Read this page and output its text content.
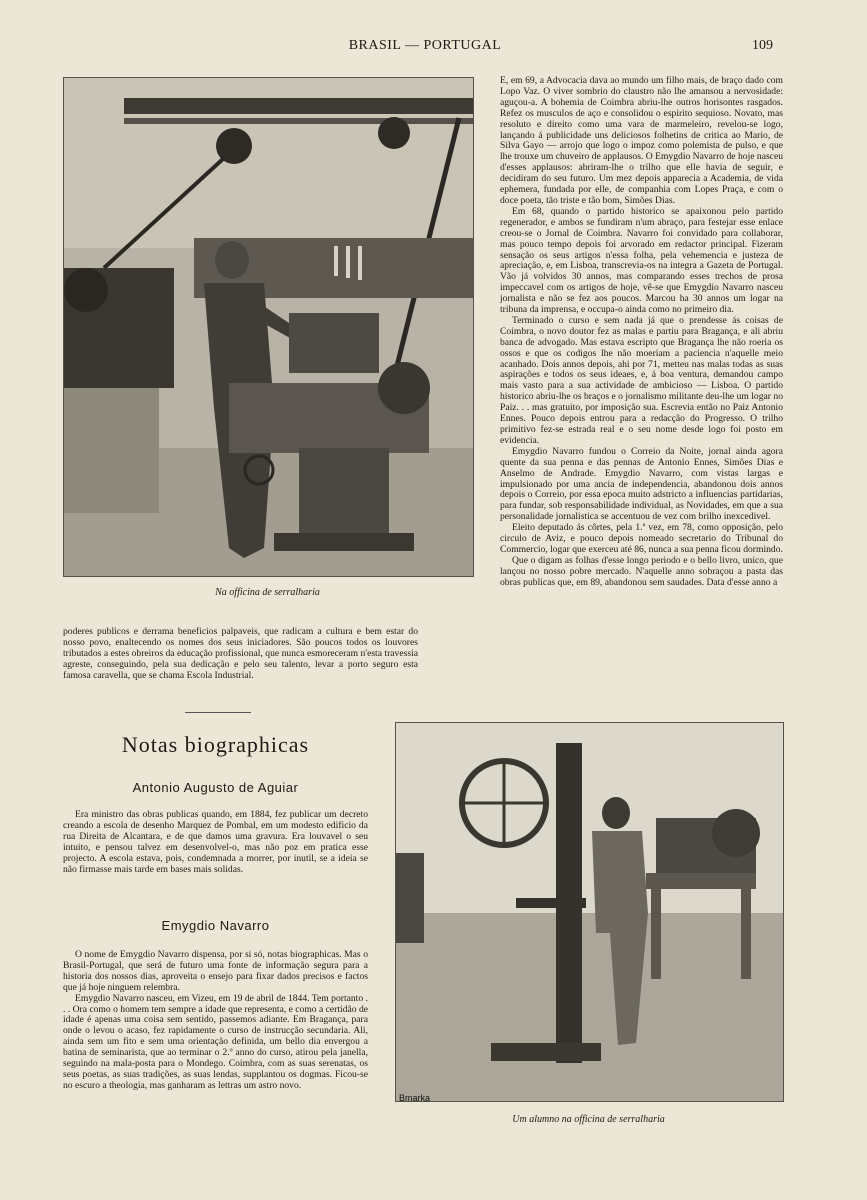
BRASIL — PORTUGAL	109
Na officina de serralharia

E, em 69, a Advocacia dava ao mundo um filho mais, de braço dado com Lopo Vaz. O viver sombrio do claustro não lhe amansou a nervosidade: aguçou-a. A bohemia de Coimbra abriu-lhe outros horisontes rasgados. Refez os musculos de aço e consolidou o espirito sequioso. Novato, mas resoluto e direito como uma vara de marmeleiro, revelou-se logo, lançando á publicidade uns deliciosos folhetins de critica ao Mario, de Silva Gayo — arrojo que logo o impoz como polemista de pulso, e que lhe trouxe um chuveiro de applausos. O Emygdio Navarro de hoje nasceu d'esses applausos: abriram-lhe o trilho que elle havia de seguir, e decidiram do seu futuro. Um mez depois apparecia a Academia, de vida ephemera, fundada por elle, de companhia com Lopes Praça, e com o doce poeta, tão triste e tão bom, Simões Dias.

Em 68, quando o partido historico se apaixonou pelo partido regenerador, e ambos se fundiram n'um abraço, para festejar esse enlace creou-se o Jornal de Coimbra. Navarro foi convidado para collaborar, mas pouco tempo depois foi arvorado em redactor principal. Fizeram sensação os seus artigos n'essa folha, pela vehemencia e justeza de apreciação, e, em Lisboa, transcrevia-os na integra a Gazeta de Portugal. Vão já volvidos 30 annos, mas comparando esses trechos de prosa impeccavel com os artigos de hoje, vê-se que Emygdio Navarro nasceu jornalista e não se fez aos poucos. Marcou ha 30 annos um logar na tribuna da imprensa, e occupa-o ainda como no primeiro dia.

Terminado o curso e sem nada já que o prendesse ás coisas de Coimbra, o novo doutor fez as malas e partiu para Bragança, e ali abriu banca de advogado. Mas estava escripto que Bragança lhe não roeria os ossos e que os codigos lhe não moeriam a paciencia n'aquelle meio acanhado. Dois annos depois, ahi por 71, metteu nas malas todas as suas aspirações e todos os seus ideaes, e, á boa ventura, demandou campo mais vasto para a sua actividade de ambicioso — Lisboa. O partido historico abriu-lhe os braços e o jornalismo militante deu-lhe um logar no Paiz. . . mas gratuito, por imposição sua. Escrevia então no Paiz Antonio Ennes. Pouco depois entrou para a redacção do Progresso. O trilho primitivo fez-se estrada real e o seu nome desde logo foi posto em evidencia.

Emygdio Navarro fundou o Correio da Noite, jornal ainda agora quente da sua penna e das pennas de Antonio Ennes, Simões Dias e Anselmo de Andrade. Emygdio Navarro, com vistas largas e impulsionado por uma ancia de independencia, abandonou dois annos depois o Correio, por essa epoca muito adstricto a influencias partidarias, para fundar, sob responsabilidade individual, as Novidades, em que a sua personalidade jornalistica se accentuou de vez com brilho inexcedivel.

Eleito deputado ás côrtes, pela 1.ª vez, em 78, como opposição, pelo circulo de Aviz, e pouco depois nomeado secretario do Tribunal do Commercio, logar que exerceu até 86, nunca a sua penna ficou dormindo.

Que o digam as folhas d'esse longo periodo e o bello livro, unico, que lançou no nosso pobre mercado. N'aquelle anno sobraçou a pasta das obras publicas que, em 89, abandonou sem saudades. Data d'esse anno a

poderes publicos e derrama beneficios palpaveis, que radicam a cultura e bem estar do nosso povo, enaltecendo os nomes dos seus iniciadores. São poucos todos os louvores tributados a estes obreiros da educação profissional, que nunca esmoreceram n'esta travessia agreste, conseguindo, pela sua dedicação e pelo seu talento, levar a porto seguro esta famosa caravella, que se chama Escola Industrial.

Notas biographicas
Antonio Augusto de Aguiar

Era ministro das obras publicas quando, em 1884, fez publicar um decreto creando a escola de desenho Marquez de Pombal, em um modesto edificio da rua Direita de Alcantara, e de que damos uma gravura. Era louvavel o seu intuito, e pensou talvez em desenvolvel-o, mas não poz em pratica esse projecto. A escola estava, pois, condemnada a morrer, por inutil, se a ideia se não firmasse mais tarde em bases mais solidas.

Emygdio Navarro

O nome de Emygdio Navarro dispensa, por si só, notas biographicas. Mas o Brasil-Portugal, que será de futuro uma fonte de informação segura para a historia dos nossos dias, aproveita o ensejo para fixar dados precisos e factos que já hoje ninguem relembra.

Emygdio Navarro nasceu, em Vizeu, em 19 de abril de 1844. Tem portanto . . . Ora como o homem tem sempre a idade que representa, e como a certidão de idade é apenas uma coisa sem sentido, passemos adiante. Em Bragança, para onde o levou o acaso, fez rapidamente o curso de instrucção secundaria. Ali, ainda sem um fito e sem uma orientação definida, um bello dia envergou a batina de seminarista, que ao terminar o 2.º anno do curso, atirou pela janella, seguindo na mala-posta para o Mondego. Coimbra, com as suas serenatas, os seus poetas, as suas tradições, as suas lendas, supplantou os dogmas. Ficou-se no escuro a theologia, mas ganharam as lettras um astro novo.

Bmarka
Um alumno na officina de serralharia
